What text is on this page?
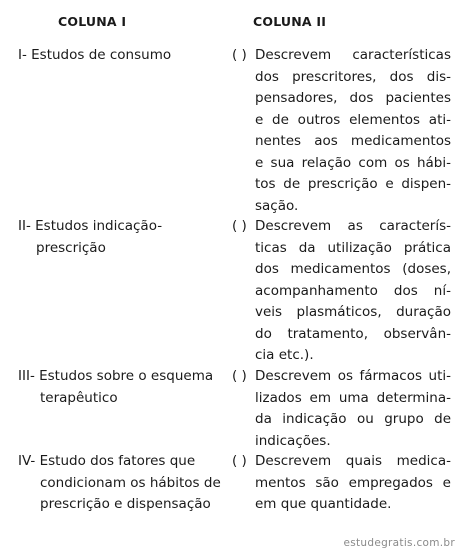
COLUNA I	COLUNA II
I- Estudos de consumo	( ) Descrevem características
dos prescritores, dos dis-
pensadores, dos pacientes
e de outros elementos ati-
nentes aos medicamentos
e sua relação com os hábi-
tos de prescrição e dispen-
sação.
II- Estudos indicação-
prescrição
( ) Descrevem as caracterís-
ticas da utilização prática
dos medicamentos (doses,
acompanhamento dos ní-
veis plasmáticos, duração
do tratamento, observân-
cia etc.).
III- Estudos sobre o esquema
terapêutico
( ) Descrevem os fármacos uti-
lizados em uma determina-
da indicação ou grupo de
indicações.
IV- Estudo dos fatores que
condicionam os hábitos de
prescrição e dispensação
( ) Descrevem quais medica-
mentos são empregados e
em que quantidade.
estudegratis.com.br
